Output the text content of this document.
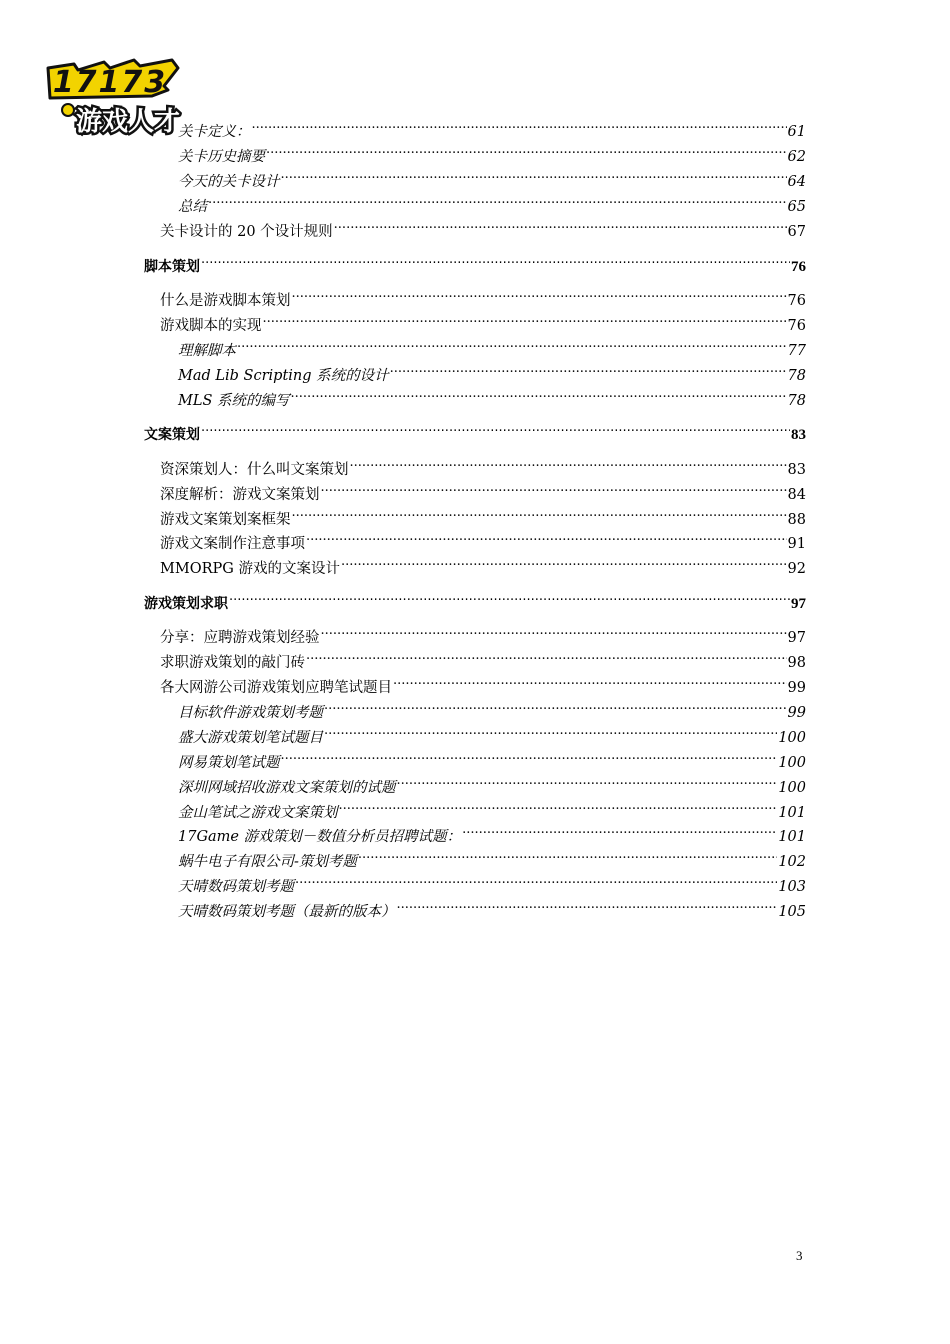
关卡定义： .....	61
关卡历史摘要 .....	62
今天的关卡设计 .....	64
总结 .....	65
关卡设计的 20 个设计规则 .....	67
脚本策划 .....	76
什么是游戏脚本策划 .....	76
游戏脚本的实现 .....	76
理解脚本 .....	77
Mad Lib Scripting 系统的设计 .....	78
MLS 系统的编写 .....	78
文案策划 .....	83
资深策划人：什么叫文案策划 .....	83
深度解析：游戏文案策划 .....	84
游戏文案策划案框架 .....	88
游戏文案制作注意事项 .....	91
MMORPG 游戏的文案设计 .....	92
游戏策划求职 .....	97
分享：应聘游戏策划经验 .....	97
求职游戏策划的敲门砖 .....	98
各大网游公司游戏策划应聘笔试题目 .....	99
目标软件游戏策划考题 .....	99
盛大游戏策划笔试题目 .....	100
网易策划笔试题 .....	100
深圳网域招收游戏文案策划的试题 .....	100
金山笔试之游戏文案策划 .....	101
17Game 游戏策划－数值分析员招聘试题： .....	101
蜗牛电子有限公司-策划考题 .....	102
天晴数码策划考题 .....	103
天晴数码策划考题（最新的版本） .....	105
17173
游戏人才
3
